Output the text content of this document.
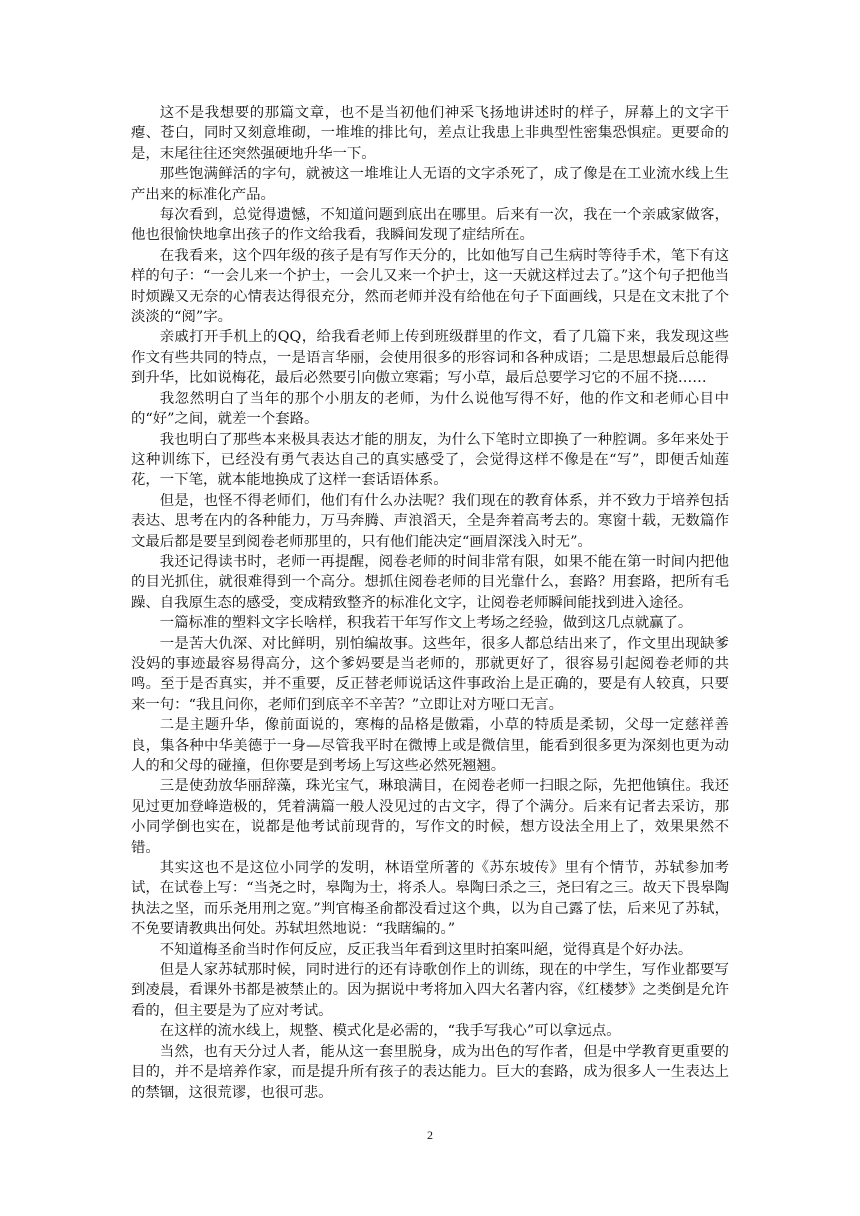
这不是我想要的那篇文章，也不是当初他们神采飞扬地讲述时的样子，屏幕上的文字干瘪、苍白，同时又刻意堆砌，一堆堆的排比句，差点让我患上非典型性密集恐惧症。更要命的是，末尾往往还突然强硬地升华一下。

那些饱满鲜活的字句，就被这一堆堆让人无语的文字杀死了，成了像是在工业流水线上生产出来的标准化产品。

每次看到，总觉得遗憾，不知道问题到底出在哪里。后来有一次，我在一个亲戚家做客，他也很愉快地拿出孩子的作文给我看，我瞬间发现了症结所在。

在我看来，这个四年级的孩子是有写作天分的，比如他写自己生病时等待手术，笔下有这样的句子：“一会儿来一个护士，一会儿又来一个护士，这一天就这样过去了。”这个句子把他当时烦躁又无奈的心情表达得很充分，然而老师并没有给他在句子下面画线，只是在文末批了个淡淡的“阅”字。

亲戚打开手机上的QQ，给我看老师上传到班级群里的作文，看了几篇下来，我发现这些作文有些共同的特点，一是语言华丽，会使用很多的形容词和各种成语；二是思想最后总能得到升华，比如说梅花，最后必然要引向傲立寒霜；写小草，最后总要学习它的不屈不挠……

我忽然明白了当年的那个小朋友的老师，为什么说他写得不好，他的作文和老师心目中的“好”之间，就差一个套路。

我也明白了那些本来极具表达才能的朋友，为什么下笔时立即换了一种腔调。多年来处于这种训练下，已经没有勇气表达自己的真实感受了，会觉得这样不像是在“写”，即便舌灿莲花，一下笔，就本能地换成了这样一套话语体系。

但是，也怪不得老师们，他们有什么办法呢？我们现在的教育体系，并不致力于培养包括表达、思考在内的各种能力，万马奔腾、声浪滔天，全是奔着高考去的。寒窗十载，无数篇作文最后都是要呈到阅卷老师那里的，只有他们能决定“画眉深浅入时无”。

我还记得读书时，老师一再提醒，阅卷老师的时间非常有限，如果不能在第一时间内把他的目光抓住，就很难得到一个高分。想抓住阅卷老师的目光靠什么，套路？用套路，把所有毛躁、自我原生态的感受，变成精致整齐的标准化文字，让阅卷老师瞬间能找到进入途径。

一篇标准的塑料文字长啥样，积我若干年写作文上考场之经验，做到这几点就赢了。

一是苦大仇深、对比鲜明，别怕编故事。这些年，很多人都总结出来了，作文里出现缺爹没妈的事迹最容易得高分，这个爹妈要是当老师的，那就更好了，很容易引起阅卷老师的共鸣。至于是否真实，并不重要，反正替老师说话这件事政治上是正确的，要是有人较真，只要来一句：“我且问你，老师们到底辛不辛苦？”立即让对方哑口无言。

二是主题升华，像前面说的，寒梅的品格是傲霜，小草的特质是柔韧，父母一定慈祥善良，集各种中华美德于一身—尽管我平时在微博上或是微信里，能看到很多更为深刻也更为动人的和父母的碰撞，但你要是到考场上写这些必然死翘翘。

三是使劲放华丽辞藻，珠光宝气，琳琅满目，在阅卷老师一扫眼之际，先把他镇住。我还见过更加登峰造极的，凭着满篇一般人没见过的古文字，得了个满分。后来有记者去采访，那小同学倒也实在，说都是他考试前现背的，写作文的时候，想方设法全用上了，效果果然不错。

其实这也不是这位小同学的发明，林语堂所著的《苏东坡传》里有个情节，苏轼参加考试，在试卷上写：“当尧之时，皋陶为士，将杀人。皋陶曰杀之三，尧曰宥之三。故天下畏皋陶执法之坚，而乐尧用刑之宽。”判官梅圣俞都没看过这个典，以为自己露了怯，后来见了苏轼，不免要请教典出何处。苏轼坦然地说：“我瞎编的。”

不知道梅圣俞当时作何反应，反正我当年看到这里时拍案叫絕，觉得真是个好办法。

但是人家苏轼那时候，同时进行的还有诗歌创作上的训练，现在的中学生，写作业都要写到凌晨，看课外书都是被禁止的。因为据说中考将加入四大名著内容，《红楼梦》之类倒是允许看的，但主要是为了应对考试。

在这样的流水线上，规整、模式化是必需的，“我手写我心”可以拿远点。

当然，也有天分过人者，能从这一套里脱身，成为出色的写作者，但是中学教育更重要的目的，并不是培养作家，而是提升所有孩子的表达能力。巨大的套路，成为很多人一生表达上的禁锢，这很荒谬，也很可悲。

2
